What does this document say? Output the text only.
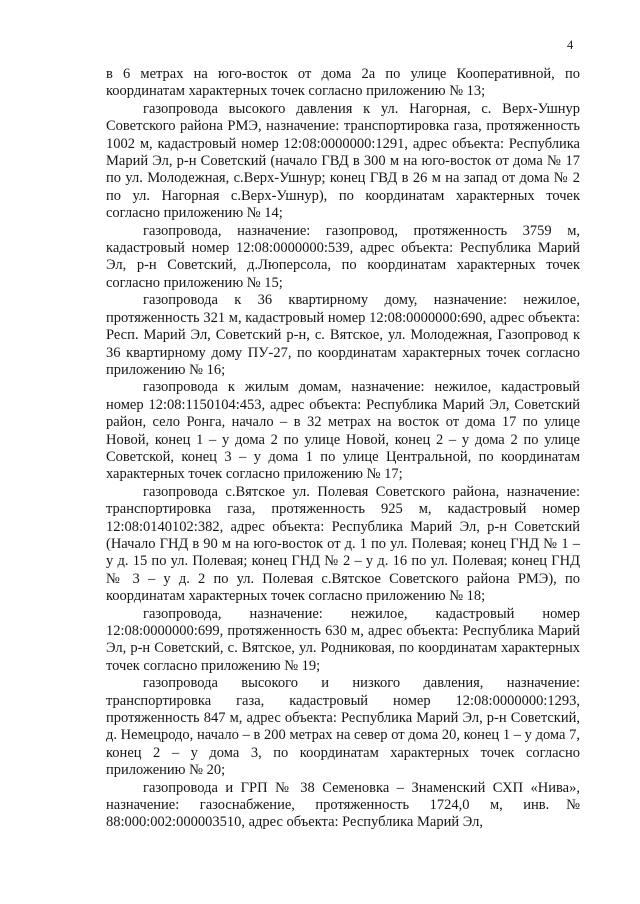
4

в 6 метрах на юго-восток от дома 2а по улице Кооперативной, по координатам характерных точек согласно приложению № 13;

газопровода высокого давления к ул. Нагорная, с. Верх-Ушнур Советского района РМЭ, назначение: транспортировка газа, протяженность 1002 м, кадастровый номер 12:08:0000000:1291, адрес объекта: Республика Марий Эл, р-н Советский (начало ГВД в 300 м на юго-восток от дома № 17 по ул. Молодежная, с.Верх-Ушнур; конец ГВД в 26 м на запад от дома № 2 по ул. Нагорная с.Верх-Ушнур), по координатам характерных точек согласно приложению № 14;

газопровода, назначение: газопровод, протяженность 3759 м, кадастровый номер 12:08:0000000:539, адрес объекта: Республика Марий Эл, р-н Советский, д.Люперсола, по координатам характерных точек согласно приложению № 15;

газопровода к 36 квартирному дому, назначение: нежилое, протяженность 321 м, кадастровый номер 12:08:0000000:690, адрес объекта: Респ. Марий Эл, Советский р-н, с. Вятское, ул. Молодежная, Газопровод к 36 квартирному дому ПУ-27, по координатам характерных точек согласно приложению № 16;

газопровода к жилым домам, назначение: нежилое, кадастровый номер 12:08:1150104:453, адрес объекта: Республика Марий Эл, Советский район, село Ронга, начало – в 32 метрах на восток от дома 17 по улице Новой, конец 1 – у дома 2 по улице Новой, конец 2 – у дома 2 по улице Советской, конец 3 – у дома 1 по улице Центральной, по координатам характерных точек согласно приложению № 17;

газопровода с.Вятское ул. Полевая Советского района, назначение: транспортировка газа, протяженность 925 м, кадастровый номер 12:08:0140102:382, адрес объекта: Республика Марий Эл, р-н Советский (Начало ГНД в 90 м на юго-восток от д. 1 по ул. Полевая; конец ГНД № 1 – у д. 15 по ул. Полевая; конец ГНД № 2 – у д. 16 по ул. Полевая; конец ГНД № 3 – у д. 2 по ул. Полевая с.Вятское Советского района РМЭ), по координатам характерных точек согласно приложению № 18;

газопровода, назначение: нежилое, кадастровый номер 12:08:0000000:699, протяженность 630 м, адрес объекта: Республика Марий Эл, р-н Советский, с. Вятское, ул. Родниковая, по координатам характерных точек согласно приложению № 19;

газопровода высокого и низкого давления, назначение: транспортировка газа, кадастровый номер 12:08:0000000:1293, протяженность 847 м, адрес объекта: Республика Марий Эл, р-н Советский, д. Немецродо, начало – в 200 метрах на север от дома 20, конец 1 – у дома 7, конец 2 – у дома 3, по координатам характерных точек согласно приложению № 20;

газопровода и ГРП № 38 Семеновка – Знаменский СХП «Нива», назначение: газоснабжение, протяженность 1724,0 м, инв.№ 88:000:002:000003510, адрес объекта: Республика Марий Эл,
